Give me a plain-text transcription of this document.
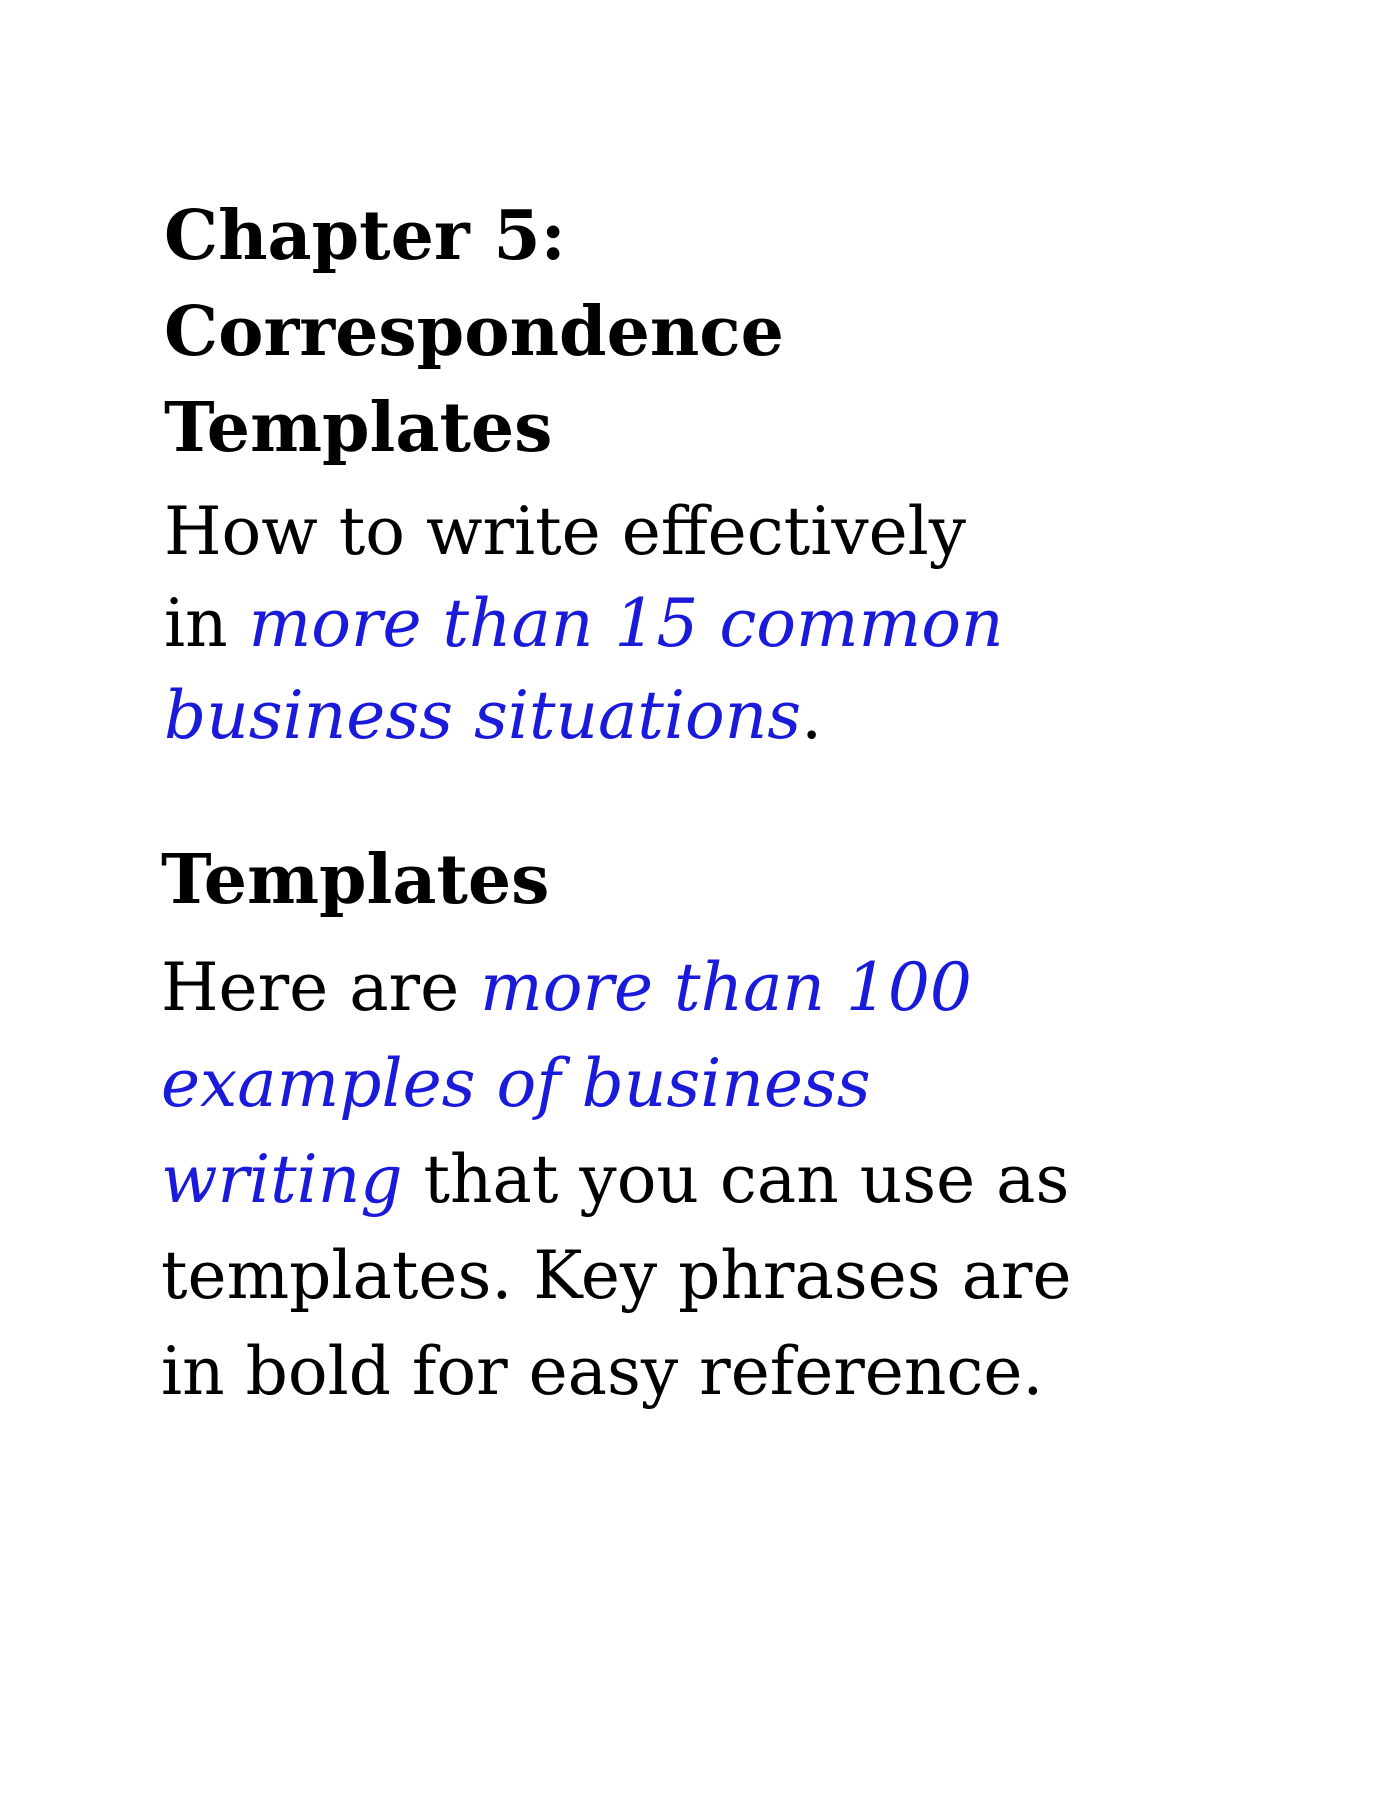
Chapter 5:
Correspondence
Templates

How to write effectively
in more than 15 common
business situations.

Templates

Here are more than 100
examples of business
writing that you can use as
templates. Key phrases are
in bold for easy reference.
